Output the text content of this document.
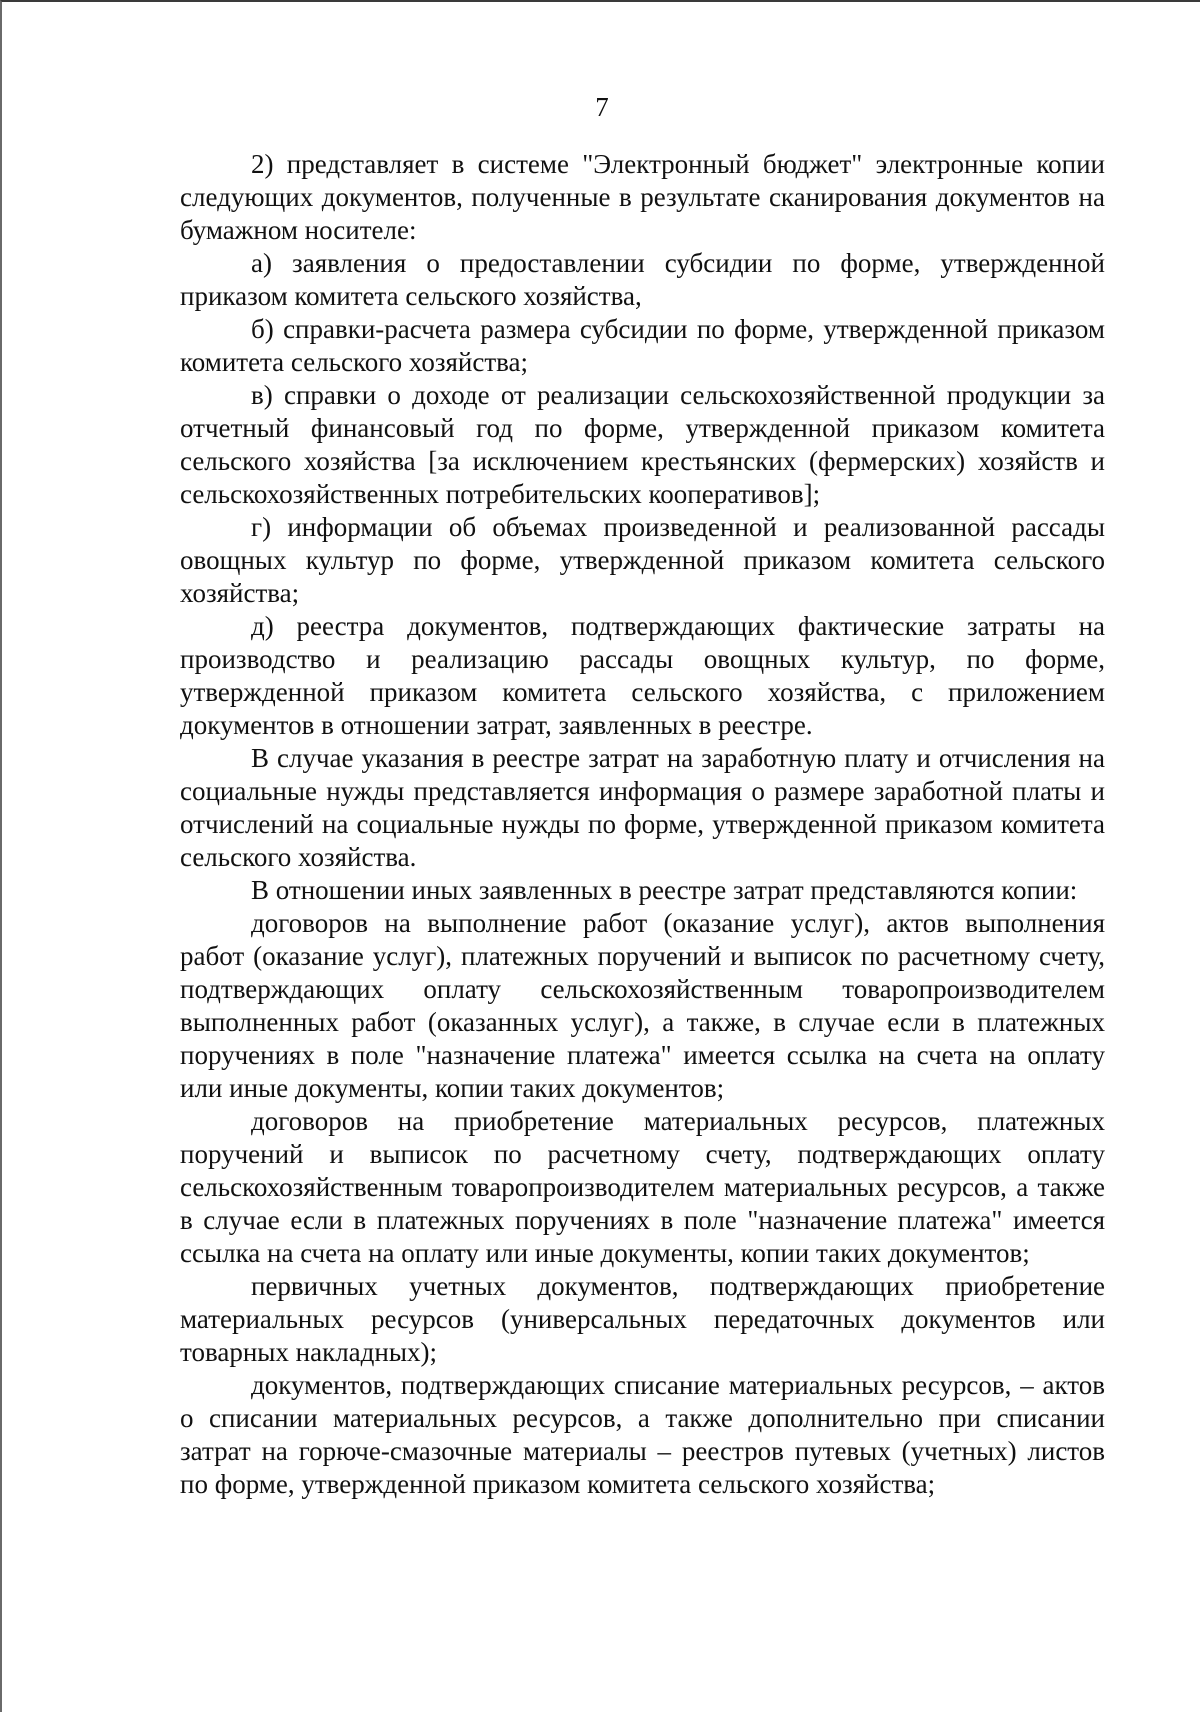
7

2) представляет в системе "Электронный бюджет" электронные копии следующих документов, полученные в результате сканирования документов на бумажном носителе:

а) заявления о предоставлении субсидии по форме, утвержденной приказом комитета сельского хозяйства,

б) справки-расчета размера субсидии по форме, утвержденной приказом комитета сельского хозяйства;

в) справки о доходе от реализации сельскохозяйственной продукции за отчетный финансовый год по форме, утвержденной приказом комитета сельского хозяйства [за исключением крестьянских (фермерских) хозяйств и сельскохозяйственных потребительских кооперативов];

г) информации об объемах произведенной и реализованной рассады овощных культур по форме, утвержденной приказом комитета сельского хозяйства;

д) реестра документов, подтверждающих фактические затраты на производство и реализацию рассады овощных культур, по форме, утвержденной приказом комитета сельского хозяйства, с приложением документов в отношении затрат, заявленных в реестре.

В случае указания в реестре затрат на заработную плату и отчисления на социальные нужды представляется информация о размере заработной платы и отчислений на социальные нужды по форме, утвержденной приказом комитета сельского хозяйства.

В отношении иных заявленных в реестре затрат представляются копии:

договоров на выполнение работ (оказание услуг), актов выполнения работ (оказание услуг), платежных поручений и выписок по расчетному счету, подтверждающих оплату сельскохозяйственным товаропроизводителем выполненных работ (оказанных услуг), а также, в случае если в платежных поручениях в поле "назначение платежа" имеется ссылка на счета на оплату или иные документы, копии таких документов;

договоров на приобретение материальных ресурсов, платежных поручений и выписок по расчетному счету, подтверждающих оплату сельскохозяйственным товаропроизводителем материальных ресурсов, а также в случае если в платежных поручениях в поле "назначение платежа" имеется ссылка на счета на оплату или иные документы, копии таких документов;

первичных учетных документов, подтверждающих приобретение материальных ресурсов (универсальных передаточных документов или товарных накладных);

документов, подтверждающих списание материальных ресурсов, – актов о списании материальных ресурсов, а также дополнительно при списании затрат на горюче-смазочные материалы – реестров путевых (учетных) листов по форме, утвержденной приказом комитета сельского хозяйства;
